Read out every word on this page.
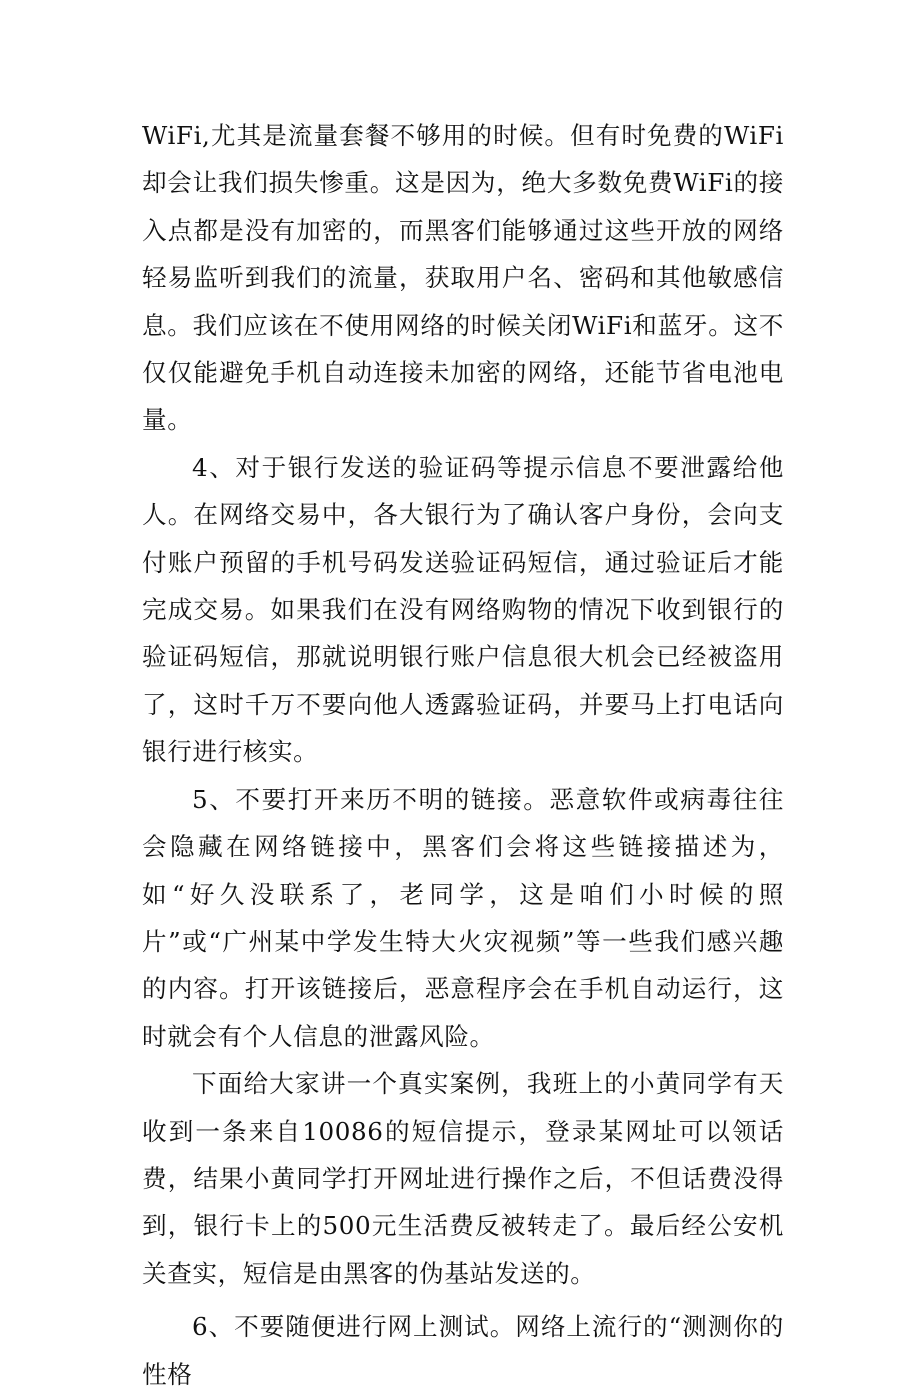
WiFi,尤其是流量套餐不够用的时候。但有时免费的WiFi却会让我们损失惨重。这是因为，绝大多数免费WiFi的接入点都是没有加密的，而黑客们能够通过这些开放的网络轻易监听到我们的流量，获取用户名、密码和其他敏感信息。我们应该在不使用网络的时候关闭WiFi和蓝牙。这不仅仅能避免手机自动连接未加密的网络，还能节省电池电量。

4、对于银行发送的验证码等提示信息不要泄露给他人。在网络交易中，各大银行为了确认客户身份，会向支付账户预留的手机号码发送验证码短信，通过验证后才能完成交易。如果我们在没有网络购物的情况下收到银行的验证码短信，那就说明银行账户信息很大机会已经被盗用了，这时千万不要向他人透露验证码，并要马上打电话向银行进行核实。

5、不要打开来历不明的链接。恶意软件或病毒往往会隐藏在网络链接中，黑客们会将这些链接描述为，如“好久没联系了，老同学，这是咱们小时候的照片”或“广州某中学发生特大火灾视频”等一些我们感兴趣的内容。打开该链接后，恶意程序会在手机自动运行，这时就会有个人信息的泄露风险。

下面给大家讲一个真实案例，我班上的小黄同学有天收到一条来自10086的短信提示，登录某网址可以领话费，结果小黄同学打开网址进行操作之后，不但话费没得到，银行卡上的500元生活费反被转走了。最后经公安机关查实，短信是由黑客的伪基站发送的。

6、不要随便进行网上测试。网络上流行的“测测你的性格
